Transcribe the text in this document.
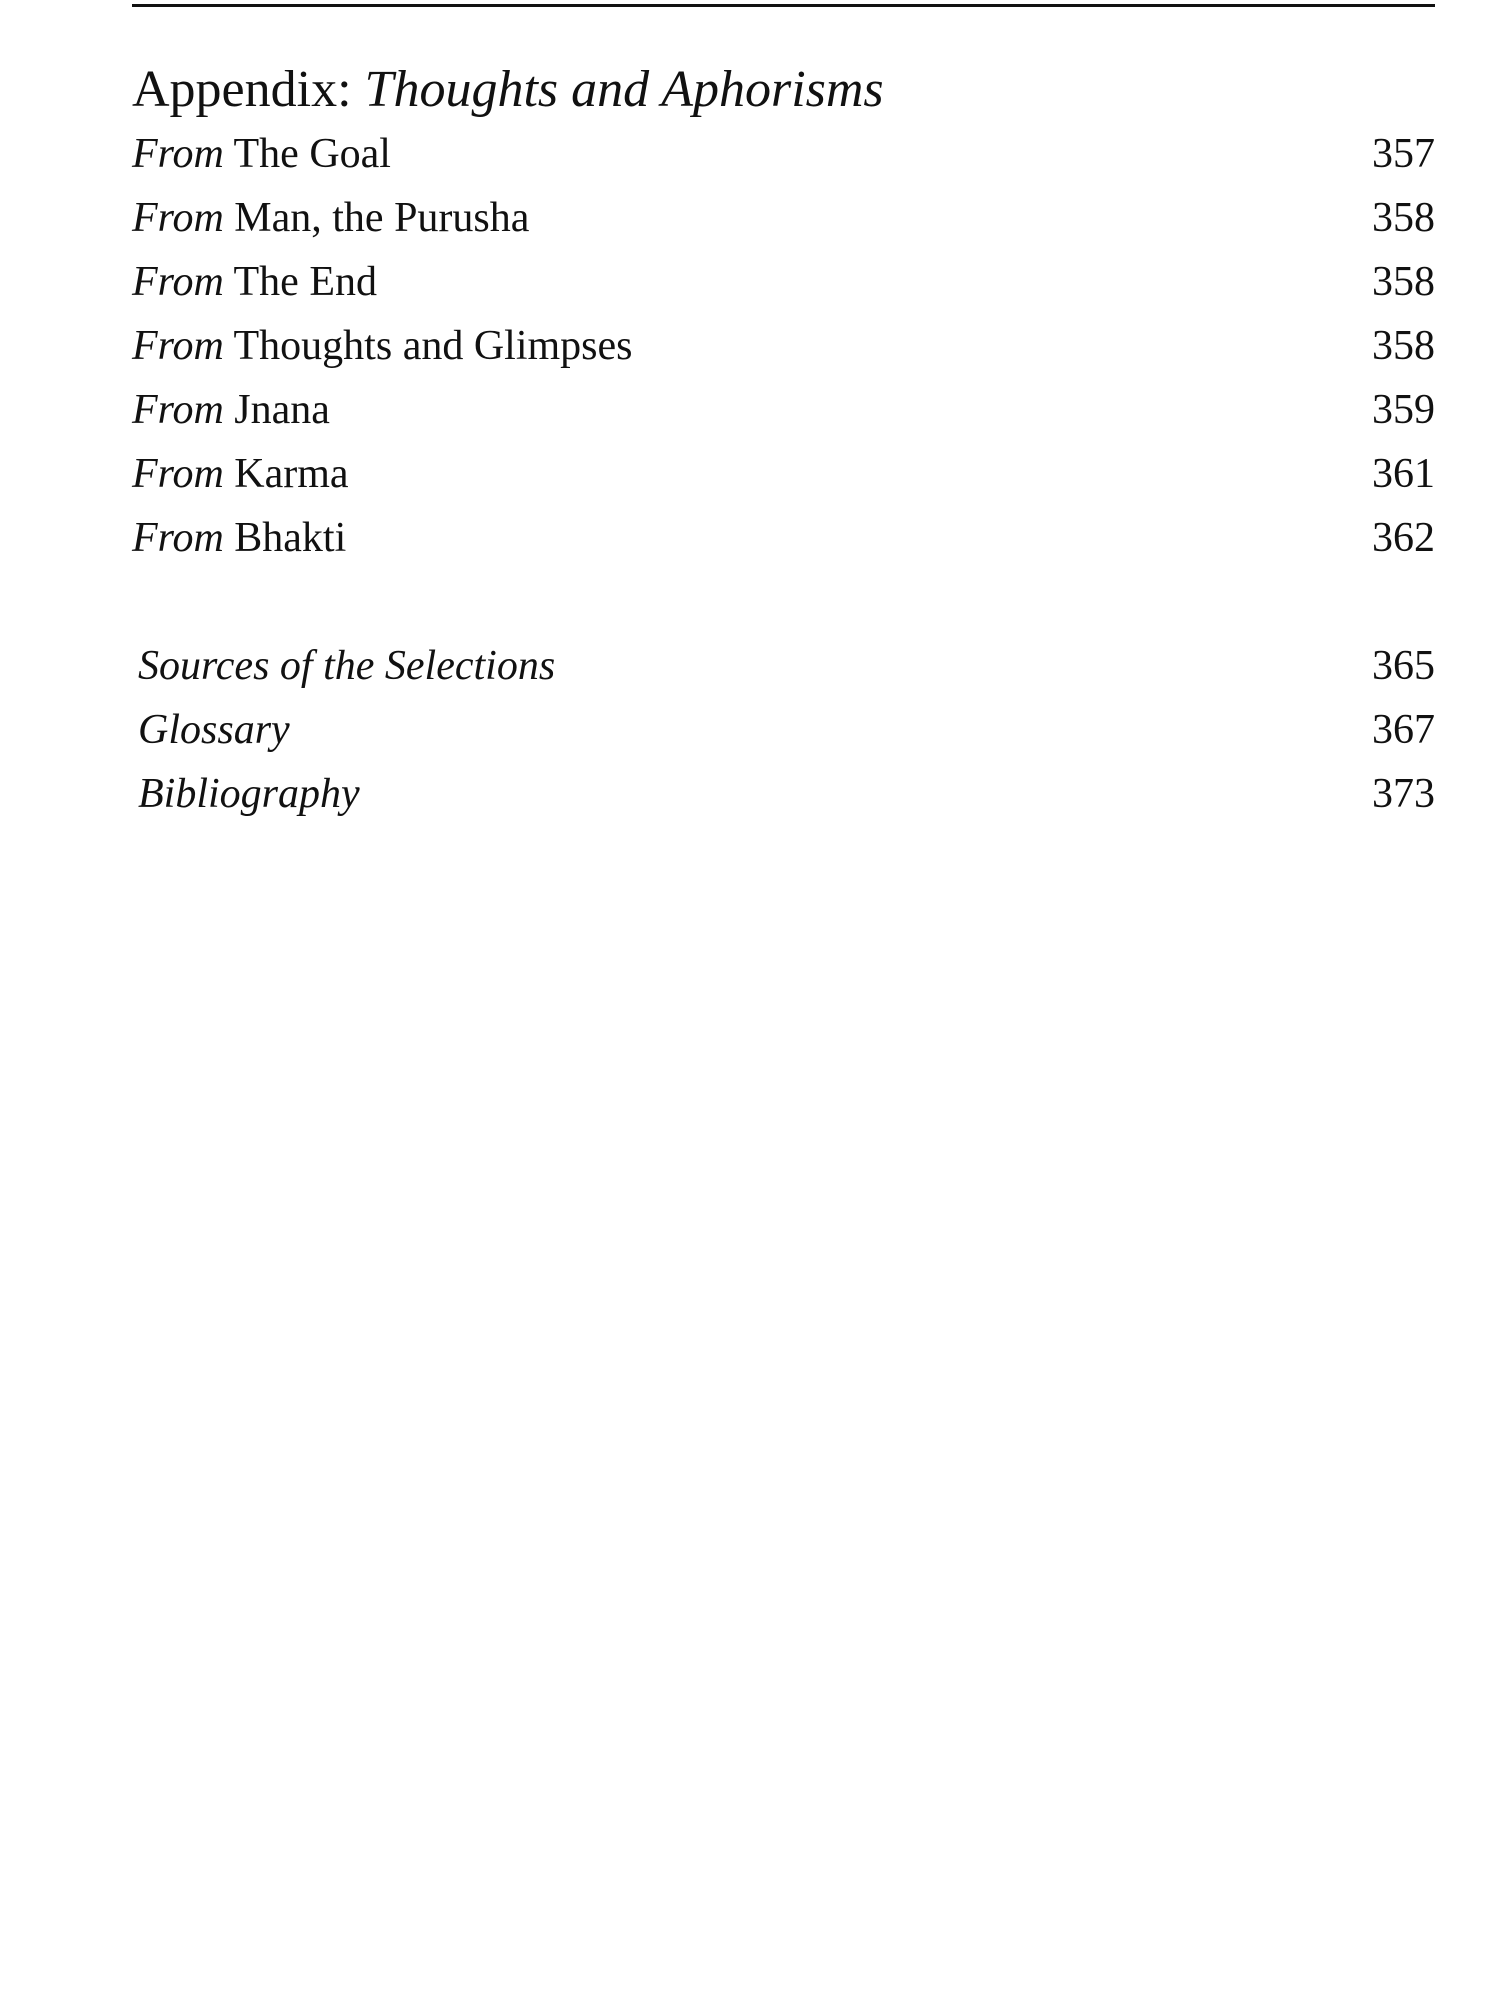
Appendix: Thoughts and Aphorisms
From The Goal	357
From Man, the Purusha	358
From The End	358
From Thoughts and Glimpses	358
From Jnana	359
From Karma	361
From Bhakti	362
Sources of the Selections	365
Glossary	367
Bibliography	373
